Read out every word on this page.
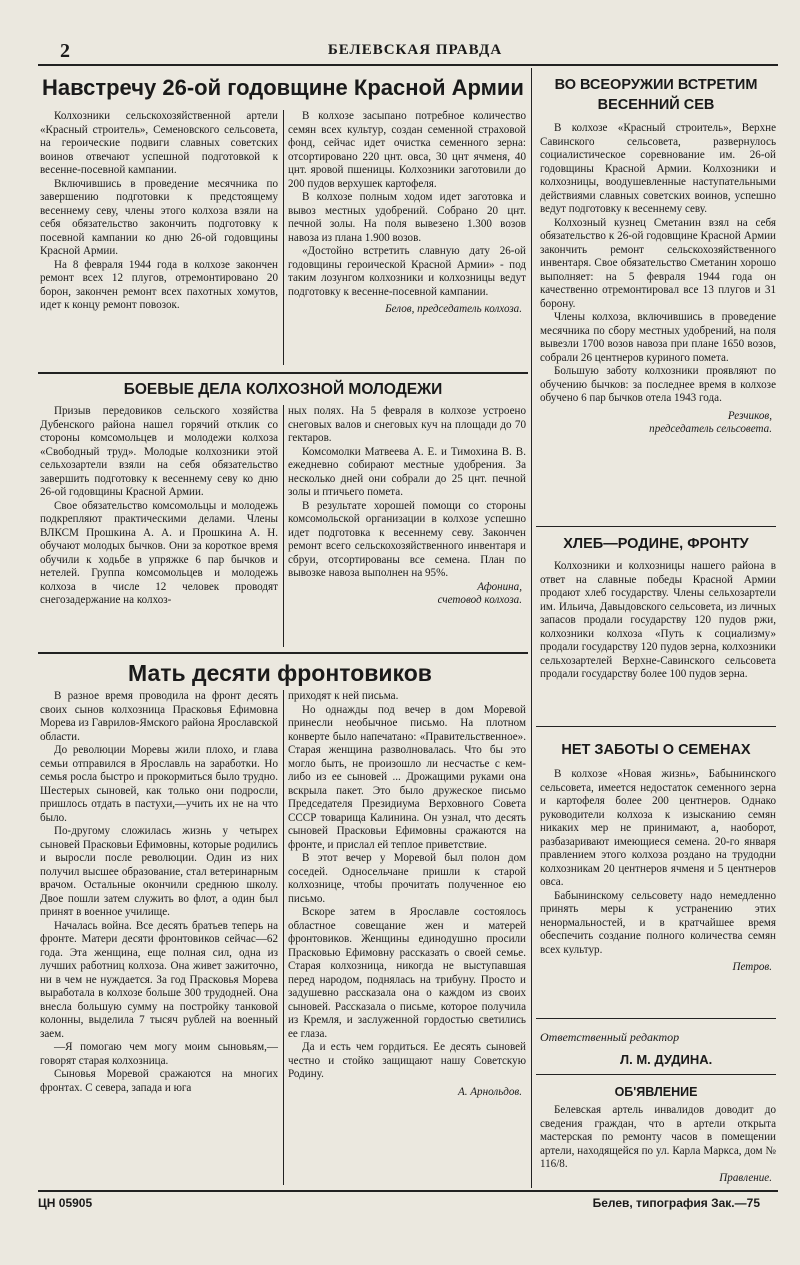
2	БЕЛЕВСКАЯ ПРАВДА
Навстречу 26-ой годовщине Красной Армии

Колхозники сельскохозяйственной артели «Красный строитель», Семеновского сельсовета, на героические подвиги славных советских воинов отвечают успешной подготовкой к весенне-посевной кампании.

Включившись в проведение месячника по завершению подготовки к предстоящему весеннему севу, члены этого колхоза взяли на себя обязательство закончить подготовку к посевной кампании ко дню 26-ой годовщины Красной Армии.

На 8 февраля 1944 года в колхозе закончен ремонт всех 12 плугов, отремонтировано 20 борон, закончен ремонт всех пахотных хомутов, идет к концу ремонт повозок.

В колхозе засыпано потребное количество семян всех культур, создан семенной страховой фонд, сейчас идет очистка семенного зерна: отсортировано 220 цнт. овса, 30 цнт ячменя, 40 цнт. яровой пшеницы. Колхозники заготовили до 200 пудов верхушек картофеля.

В колхозе полным ходом идет заготовка и вывоз местных удобрений. Собрано 20 цнт. печной золы. На поля вывезено 1.300 возов навоза из плана 1.900 возов.

«Достойно встретить славную дату 26-ой годовщины героической Красной Армии» - под таким лозунгом колхозники и колхозницы ведут подготовку к весенне-посевной кампании.

Белов, председатель колхоза.
БОЕВЫЕ ДЕЛА КОЛХОЗНОЙ МОЛОДЕЖИ

Призыв передовиков сельского хозяйства Дубенского района нашел горячий отклик со стороны комсомольцев и молодежи колхоза «Свободный труд». Молодые колхозники этой сельхозартели взяли на себя обязательство завершить подготовку к весеннему севу ко дню 26-ой годовщины Красной Армии.

Свое обязательство комсомольцы и молодежь подкрепляют практическими делами. Члены ВЛКСМ Прошкина А. А. и Прошкина А. Н. обучают молодых бычков. Они за короткое время обучили к ходьбе в упряжке 6 пар бычков и нетелей. Группа комсомольцев и молодежь колхоза в числе 12 человек проводят снегозадержание на колхоз-

ных полях. На 5 февраля в колхозе устроено снеговых валов и снеговых куч на площади до 70 гектаров.

Комсомолки Матвеева А. Е. и Тимохина В. В. ежедневно собирают местные удобрения. За несколько дней они собрали до 25 цнт. печной золы и птичьего помета.

В результате хорошей помощи со стороны комсомольской организации в колхозе успешно идет подготовка к весеннему севу. Закончен ремонт всего сельскохозяйственного инвентаря и сбруи, отсортированы все семена. План по вывозке навоза выполнен на 95%.

Афонина,
счетовод колхоза.
Мать десяти фронтовиков

В разное время проводила на фронт десять своих сынов колхозница Прасковья Ефимовна Морева из Гаврилов-Ямского района Ярославской области.

До революции Моревы жили плохо, и глава семьи отправился в Ярославль на заработки. Но семья росла быстро и прокормиться было трудно. Шестерых сыновей, как только они подросли, пришлось отдать в пастухи,—учить их не на что было.

По-другому сложилась жизнь у четырех сыновей Прасковьи Ефимовны, которые родились и выросли после революции. Один из них получил высшее образование, стал ветеринарным врачом. Остальные окончили среднюю школу. Двое пошли затем служить во флот, а один был принят в военное училище.

Началась война. Все десять братьев теперь на фронте. Матери десяти фронтовиков сейчас—62 года. Эта женщина, еще полная сил, одна из лучших работниц колхоза. Она живет зажиточно, ни в чем не нуждается. За год Прасковья Морева выработала в колхозе больше 300 трудодней. Она внесла большую сумму на постройку танковой колонны, выделила 7 тысяч рублей на военный заем.

—Я помогаю чем могу моим сыновьям,—говорят старая колхозница.

Сыновья Моревой сражаются на многих фронтах. С севера, запада и юга

приходят к ней письма.

Но однажды под вечер в дом Моревой принесли необычное письмо. На плотном конверте было напечатано: «Правительственное». Старая женщина разволновалась. Что бы это могло быть, не произошло ли несчастье с кем-либо из ее сыновей ... Дрожащими руками она вскрыла пакет. Это было дружеское письмо Председателя Президиума Верховного Совета СССР товарища Калинина. Он узнал, что десять сыновей Прасковьи Ефимовны сражаются на фронте, и прислал ей теплое приветствие.

В этот вечер у Моревой был полон дом соседей. Односельчане пришли к старой колхознице, чтобы прочитать полученное ею письмо.

Вскоре затем в Ярославле состоялось областное совещание жен и матерей фронтовиков. Женщины единодушно просили Прасковью Ефимовну рассказать о своей семье. Старая колхозница, никогда не выступавшая перед народом, поднялась на трибуну. Просто и задушевно рассказала она о каждом из своих сыновей. Рассказала о письме, которое получила из Кремля, и заслуженной гордостью светились ее глаза.

Да и есть чем гордиться. Ее десять сыновей честно и стойко защищают нашу Советскую Родину.

А. Арнольдов.
ВО ВСЕОРУЖИИ ВСТРЕТИМ
ВЕСЕННИЙ СЕВ

В колхозе «Красный строитель», Верхне Савинского сельсовета, развернулось социалистическое соревнование им. 26-ой годовщины Красной Армии. Колхозники и колхозницы, воодушевленные наступательными действиями славных советских воинов, успешно ведут подготовку к весеннему севу.

Колхозный кузнец Сметанин взял на себя обязательство к 26-ой годовщине Красной Армии закончить ремонт сельскохозяйственного инвентаря. Свое обязательство Сметанин хорошо выполняет: на 5 февраля 1944 года он качественно отремонтировал все 13 плугов и 31 борону.

Члены колхоза, включившись в проведение месячника по сбору местных удобрений, на поля вывезли 1700 возов навоза при плане 1650 возов, собрали 26 центнеров куриного помета.

Большую заботу колхозники проявляют по обучению бычков: за последнее время в колхозе обучено 6 пар бычков отела 1943 года.

Резчиков,
председатель сельсовета.
ХЛЕБ—РОДИНЕ, ФРОНТУ

Колхозники и колхозницы нашего района в ответ на славные победы Красной Армии продают хлеб государству. Члены сельхозартели им. Ильича, Давыдовского сельсовета, из личных запасов продали государству 120 пудов ржи, колхозники колхоза «Путь к социализму» продали государству 120 пудов зерна, колхозники сельхозартелей Верхне-Савинского сельсовета продали государству более 100 пудов зерна.

НЕТ ЗАБОТЫ О СЕМЕНАХ

В колхозе «Новая жизнь», Бабынинского сельсовета, имеется недостаток семенного зерна и картофеля более 200 центнеров. Однако руководители колхоза к изысканию семян никаких мер не принимают, а, наоборот, разбазаривают имеющиеся семена. 20-го января правлением этого колхоза роздано на трудодни колхозникам 20 центнеров ячменя и 5 центнеров овса.

Бабынинскому сельсовету надо немедленно принять меры к устранению этих ненормальностей, и в кратчайшее время обеспечить создание полного количества семян всех культур.

Петров.
Ответственный редактор
Л. М. ДУДИНА.
ОБ'ЯВЛЕНИЕ

Белевская артель инвалидов доводит до сведения граждан, что в артели открыта мастерская по ремонту часов в помещении артели, находящейся по ул. Карла Маркса, дом № 116/8.

Правление.
ЦН 05905	Белев, типография Зак.—75
